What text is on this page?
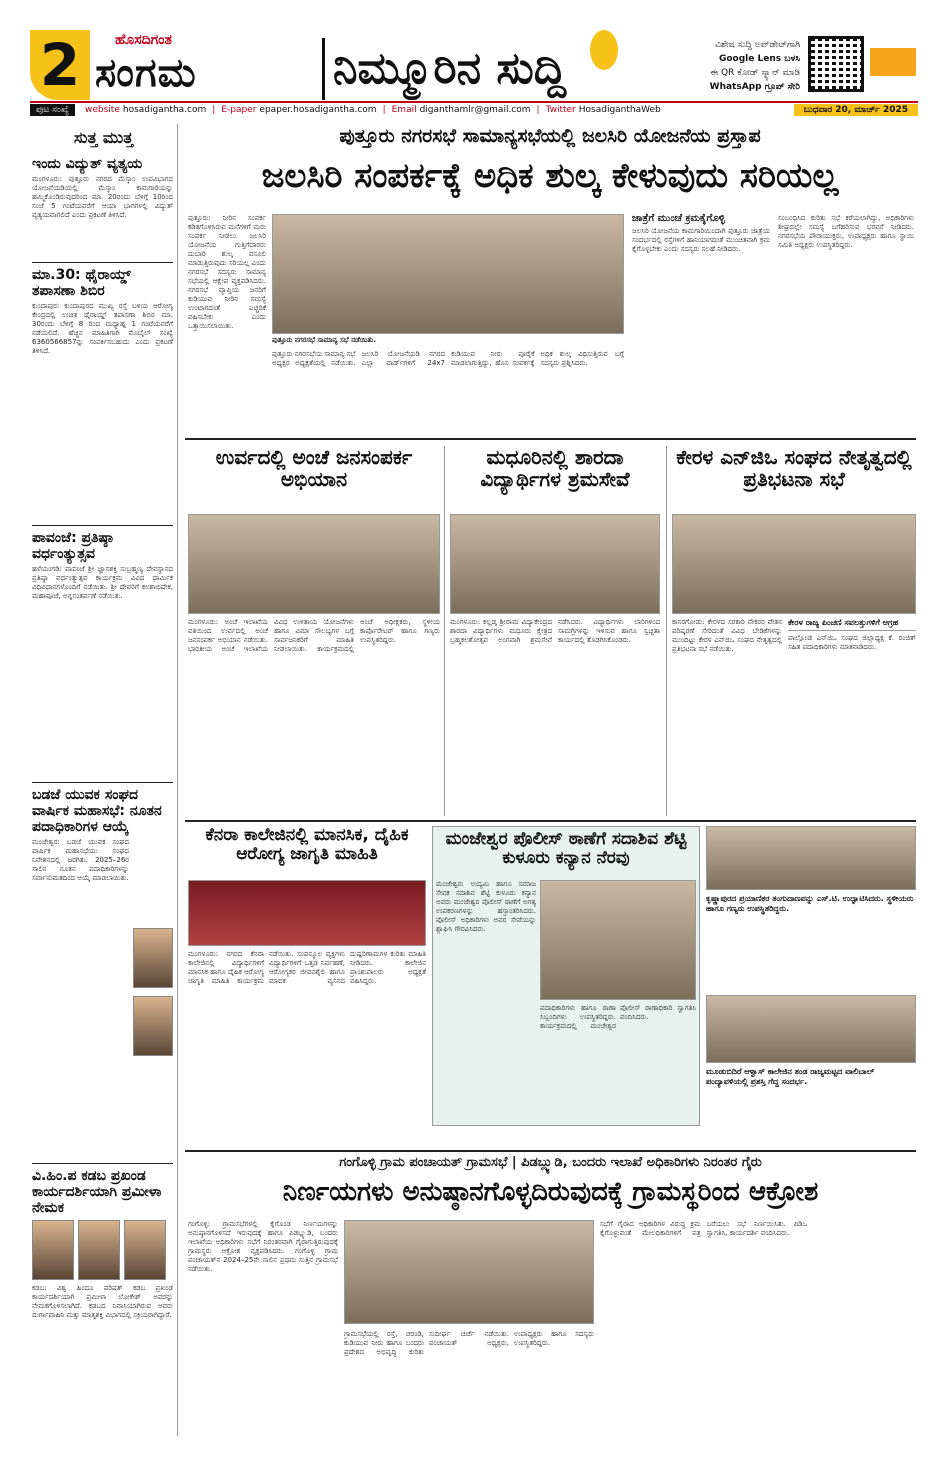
2	ಹೊಸದಿಗಂತ
ಸಂಗಮ	ನಿಮ್ಮೂರಿನ ಸುದ್ದಿ	ವಿಶೇಷ ಸುದ್ದಿ ಅಪ್‌ಡೇಟ್‌ಗಾಗಿ
Google Lens ಬಳಸಿ
ಈ QR ಕೋಡ್ ಸ್ಕ್ಯಾನ್ ಮಾಡಿ
WhatsApp ಗ್ರೂಪ್ ಸೇರಿ
ಪುಟ ಸಂಖ್ಯೆ	website hosadigantha.com | E-paper epaper.hosadigantha.com | Email diganthamlr@gmail.com | Twitter HosadiganthaWeb	ಬುಧವಾರ 20, ಮಾರ್ಚ್ 2025
ಸುತ್ತ ಮುತ್ತ
ಇಂದು ವಿದ್ಯುತ್ ವ್ಯತ್ಯಯ
ಮಂಗಳೂರು: ಪುತ್ತೂರು ನಗರದ ಮೆಸ್ಕಾಂ ಉಪವಿಭಾಗದ ಯೋಜನೆಯಡಿಯಲ್ಲಿ ಮೆಸ್ಕಾಂ ಕಾಮಗಾರಿಯನ್ನು ಹಮ್ಮಿಕೊಂಡಿರುವುದರಿಂದ ಮಾ. 20ರಂದು ಬೆಳಿಗ್ಗೆ 10ರಿಂದ ಸಂಜೆ 5 ಗಂಟೆಯವರೆಗೆ ಆಯಾ ಭಾಗಗಳಲ್ಲಿ ವಿದ್ಯುತ್ ವ್ಯತ್ಯಯವಾಗಲಿದೆ ಎಂದು ಪ್ರಕಟಣೆ ತಿಳಿಸಿದೆ.
ಮಾ.30: ಥೈರಾಯ್ಡ್ ತಪಾಸಣಾ ಶಿಬಿರ
ಕುಂದಾಪುರ: ಕುಂದಾಪುರದ ಮುಖ್ಯ ರಸ್ತೆ ಬಳಿಯ ಆರೋಗ್ಯ ಕೇಂದ್ರದಲ್ಲಿ ಉಚಿತ ಥೈರಾಯ್ಡ್ ತಪಾಸಣಾ ಶಿಬಿರ ಮಾ. 30ರಂದು ಬೆಳಿಗ್ಗೆ 8 ರಿಂದ ಮಧ್ಯಾಹ್ನ 1 ಗಂಟೆಯವರೆಗೆ ನಡೆಯಲಿದೆ. ಹೆಚ್ಚಿನ ಮಾಹಿತಿಗಾಗಿ ಮೊಬೈಲ್ ಸಂಖ್ಯೆ 6360566857ನ್ನು ಸಂಪರ್ಕಿಸಬಹುದು ಎಂದು ಪ್ರಕಟಣೆ ತಿಳಿಸಿದೆ.
ಪಾವಂಜೆ: ಪ್ರತಿಷ್ಠಾ ವರ್ಧಂತ್ಯುತ್ಸವ
ಹಳೆಯಂಗಡಿ: ಪಾವಂಜೆ ಶ್ರೀ ಜ್ಞಾನಶಕ್ತಿ ಸುಬ್ರಹ್ಮಣ್ಯ ದೇವಸ್ಥಾನದ ಪ್ರತಿಷ್ಠಾ ವರ್ಧಂತ್ಯುತ್ಸವ ಕಾರ್ಯಕ್ರಮ ವಿವಿಧ ಧಾರ್ಮಿಕ ವಿಧಿವಿಧಾನಗಳೊಂದಿಗೆ ನಡೆಯಿತು. ಶ್ರೀ ದೇವರಿಗೆ ಕಲಶಾಭಿಷೇಕ, ಮಹಾಪೂಜೆ, ಅನ್ನಸಂತರ್ಪಣೆ ನಡೆಯಿತು.
ಬಡಜೆ ಯುವಕ ಸಂಘದ ವಾರ್ಷಿಕ ಮಹಾಸಭೆ: ನೂತನ ಪದಾಧಿಕಾರಿಗಳ ಆಯ್ಕೆ
ಮಂಜೇಶ್ವರ: ಬಡಜೆ ಯುವಕ ಸಂಘದ ವಾರ್ಷಿಕ ಮಹಾಸಭೆಯು ಸಂಘದ ನಿವೇಶನದಲ್ಲಿ ಜರಗಿತು. 2025–26ರ ಸಾಲಿನ ನೂತನ ಪದಾಧಿಕಾರಿಗಳನ್ನು ಸರ್ವಾನುಮತದಿಂದ ಆಯ್ಕೆ ಮಾಡಲಾಯಿತು.
ವಿ.ಹಿಂ.ಪ ಕಡಬ ಪ್ರಖಂಡ ಕಾರ್ಯದರ್ಶಿಯಾಗಿ ಪ್ರಮೀಳಾ ನೇಮಕ
ಕಡಬ: ವಿಶ್ವ ಹಿಂದೂ ಪರಿಷತ್ ಕಡಬ ಪ್ರಖಂಡ ಕಾರ್ಯದರ್ಶಿಯಾಗಿ ಪ್ರಮೀಳಾ ಲೋಕೇಶ್ ಅವರನ್ನು ನೇಮಕಗೊಳಿಸಲಾಗಿದೆ. ಕಡಬದ ನಿವಾಸಿಯಾಗಿರುವ ಅವರು ದುರ್ಗಾವಾಹಿನಿ ಮತ್ತು ಮಾತೃಶಕ್ತಿ ವಿಭಾಗದಲ್ಲಿ ಸಕ್ರಿಯರಾಗಿದ್ದಾರೆ.
ಪುತ್ತೂರು ನಗರಸಭೆ ಸಾಮಾನ್ಯಸಭೆಯಲ್ಲಿ ಜಲಸಿರಿ ಯೋಜನೆಯ ಪ್ರಸ್ತಾಪ
ಜಲಸಿರಿ ಸಂಪರ್ಕಕ್ಕೆ ಅಧಿಕ ಶುಲ್ಕ ಕೇಳುವುದು ಸರಿಯಲ್ಲ
ಪುತ್ತೂರು: ನೀರಿನ ಸಂಪರ್ಕ ಕಡಿತಗೊಳಿಸಿರುವ ಮನೆಗಳಿಗೆ ಮರು ಸಂಪರ್ಕ ನೀಡಲು ಜಲಸಿರಿ ಯೋಜನೆಯ ಗುತ್ತಿಗೆದಾರರು ದುಬಾರಿ ಶುಲ್ಕ ವಸೂಲಿ ಮಾಡುತ್ತಿರುವುದು ಸರಿಯಲ್ಲ ಎಂದು ನಗರಸಭೆ ಸದಸ್ಯರು ಸಾಮಾನ್ಯ ಸಭೆಯಲ್ಲಿ ಆಕ್ಷೇಪ ವ್ಯಕ್ತಪಡಿಸಿದರು. ನಗರಸಭೆ ವ್ಯಾಪ್ತಿಯ ಜನರಿಗೆ ಕುಡಿಯುವ ನೀರಿನ ಸಮಸ್ಯೆ ಉಂಟಾಗದಂತೆ ಎಚ್ಚರಿಕೆ ವಹಿಸಬೇಕು ಎಂದು ಒತ್ತಾಯಿಸಲಾಯಿತು.
ಪುತ್ತೂರು ನಗರಸಭೆ ಸಾಮಾನ್ಯ ಸಭೆ ನಡೆಯಿತು.
ಪುತ್ತೂರು ನಗರಸಭೆಯ ಸಾಮಾನ್ಯ ಸಭೆ ಅಧ್ಯಕ್ಷರ ಅಧ್ಯಕ್ಷತೆಯಲ್ಲಿ ನಡೆಯಿತು. ಜಲಸಿರಿ ಯೋಜನೆಯಡಿ ನಗರದ ಎಲ್ಲಾ ವಾರ್ಡ್‌ಗಳಿಗೆ 24x7 ಕುಡಿಯುವ ನೀರು ಪೂರೈಕೆ ಮಾಡಲಾಗುತ್ತಿದ್ದು, ಹೊಸ ಸಂಪರ್ಕಕ್ಕೆ ಅಧಿಕ ಶುಲ್ಕ ವಿಧಿಸುತ್ತಿರುವ ಬಗ್ಗೆ ಸದಸ್ಯರು ಪ್ರಶ್ನಿಸಿದರು.
ಜಾತ್ರೆಗೆ ಮುಂಚೆ ಕ್ರಮಕೈಗೊಳ್ಳಿ
ಜಲಸಿರಿ ಯೋಜನೆಯ ಕಾಮಗಾರಿಯಿಂದಾಗಿ ಪುತ್ತೂರು ಜಾತ್ರೆಯ ಸಂದರ್ಭದಲ್ಲಿ ರಸ್ತೆಗಳಿಗೆ ಹಾನಿಯಾಗದಂತೆ ಮುಂಚಿತವಾಗಿ ಕ್ರಮ ಕೈಗೊಳ್ಳಬೇಕು ಎಂದು ಸದಸ್ಯರು ಸಲಹೆ ನೀಡಿದರು.
ಸಂಬಂಧಿಸಿದ ಕುರಿತು ಸಭೆ ಕರೆಯಲಾಗಿದ್ದು, ಅಧಿಕಾರಿಗಳು ಶೀಘ್ರದಲ್ಲೇ ಸಮಸ್ಯೆ ಬಗೆಹರಿಸುವ ಭರವಸೆ ನೀಡಿದರು. ನಗರಸಭೆಯ ಪೌರಾಯುಕ್ತರು, ಉಪಾಧ್ಯಕ್ಷರು ಹಾಗೂ ಸ್ಥಾಯಿ ಸಮಿತಿ ಅಧ್ಯಕ್ಷರು ಉಪಸ್ಥಿತರಿದ್ದರು.
ಉರ್ವದಲ್ಲಿ ಅಂಚೆ ಜನಸಂಪರ್ಕ ಅಭಿಯಾನ
ಮಂಗಳೂರು: ಅಂಚೆ ಇಲಾಖೆಯ ವತಿಯಿಂದ ಉರ್ವದಲ್ಲಿ ಅಂಚೆ ಜನಸಂಪರ್ಕ ಅಭಿಯಾನ ನಡೆಯಿತು. ಭಾರತೀಯ ಅಂಚೆ ಇಲಾಖೆಯ ವಿವಿಧ ಉಳಿತಾಯ ಯೋಜನೆಗಳು ಹಾಗೂ ವಿಮಾ ಸೌಲಭ್ಯಗಳ ಬಗ್ಗೆ ಸಾರ್ವಜನಿಕರಿಗೆ ಮಾಹಿತಿ ನೀಡಲಾಯಿತು. ಕಾರ್ಯಕ್ರಮದಲ್ಲಿ ಅಂಚೆ ಅಧೀಕ್ಷಕರು, ಸ್ಥಳೀಯ ಕಾರ್ಪೊರೇಟರ್ ಹಾಗೂ ಗಣ್ಯರು ಉಪಸ್ಥಿತರಿದ್ದರು.
ಮಧೂರಿನಲ್ಲಿ ಶಾರದಾ ವಿದ್ಯಾರ್ಥಿಗಳ ಶ್ರಮಸೇವೆ
ಮಂಗಳೂರು: ಕಲ್ಲಡ್ಕ ಶ್ರೀರಾಮ ವಿದ್ಯಾಕೇಂದ್ರದ ಶಾರದಾ ವಿದ್ಯಾರ್ಥಿಗಳು ಮಧೂರು ಕ್ಷೇತ್ರದ ಬ್ರಹ್ಮಕಲಶೋತ್ಸವ ಅಂಗವಾಗಿ ಶ್ರಮಸೇವೆ ನಡೆಸಿದರು. ವಿದ್ಯಾರ್ಥಿಗಳು ಲಾರಿಗಳಿಂದ ಸಾಮಗ್ರಿಗಳನ್ನು ಇಳಿಸುವ ಹಾಗೂ ಸ್ವಚ್ಛತಾ ಕಾರ್ಯದಲ್ಲಿ ತೊಡಗಿಸಿಕೊಂಡರು.
ಕೇರಳ ಎನ್‌ಜಿಒ ಸಂಘದ ನೇತೃತ್ವದಲ್ಲಿ ಪ್ರತಿಭಟನಾ ಸಭೆ
ಕಾಸರಗೋಡು: ಕೇರಳದ ಸರಕಾರಿ ನೌಕರರ ವೇತನ ಪರಿಷ್ಕರಣೆ ಸೇರಿದಂತೆ ವಿವಿಧ ಬೇಡಿಕೆಗಳನ್ನು ಮುಂದಿಟ್ಟು ಕೇರಳ ಎನ್‌ಜಿಒ ಸಂಘದ ನೇತೃತ್ವದಲ್ಲಿ ಪ್ರತಿಭಟನಾ ಸಭೆ ನಡೆಯಿತು.
ಕೇರಳ ರಾಜ್ಯ ಪಿಂಚಣಿ ಸವಲತ್ತುಗಳಿಗೆ ಆಗ್ರಹ
ಪಾಲ್ಗೊಂಡ ಎನ್‌ಜಿಒ ಸಂಘದ ಜಿಲ್ಲಾಧ್ಯಕ್ಷ ಕೆ. ರಂಜಿತ್ ಸಹಿತ ಪದಾಧಿಕಾರಿಗಳು ಮಾತನಾಡಿದರು.
ಕೆನರಾ ಕಾಲೇಜಿನಲ್ಲಿ ಮಾನಸಿಕ, ದೈಹಿಕ ಆರೋಗ್ಯ ಜಾಗೃತಿ ಮಾಹಿತಿ
ಮಂಗಳೂರು: ನಗರದ ಕೆನರಾ ಕಾಲೇಜಿನಲ್ಲಿ ವಿದ್ಯಾರ್ಥಿಗಳಿಗೆ ಮಾನಸಿಕ ಹಾಗೂ ದೈಹಿಕ ಆರೋಗ್ಯ ಜಾಗೃತಿ ಮಾಹಿತಿ ಕಾರ್ಯಕ್ರಮ ನಡೆಯಿತು. ಸಂಪನ್ಮೂಲ ವ್ಯಕ್ತಿಗಳು ವಿದ್ಯಾರ್ಥಿಗಳಿಗೆ ಒತ್ತಡ ನಿರ್ವಹಣೆ, ಆರೋಗ್ಯಕರ ಜೀವನಶೈಲಿ ಹಾಗೂ ಮಾದಕ ವ್ಯಸನದ ದುಷ್ಪರಿಣಾಮಗಳ ಕುರಿತು ಮಾಹಿತಿ ನೀಡಿದರು. ಕಾಲೇಜಿನ ಪ್ರಾಂಶುಪಾಲರು ಅಧ್ಯಕ್ಷತೆ ವಹಿಸಿದ್ದರು.
ಮಂಜೇಶ್ವರ ಪೊಲೀಸ್ ಠಾಣೆಗೆ ಸದಾಶಿವ ಶೆಟ್ಟಿ ಕುಳೂರು ಕನ್ಯಾನ ನೆರವು
ಮಂಜೇಶ್ವರ: ಉದ್ಯಮಿ ಹಾಗೂ ಸಮಾಜ ಸೇವಕ ಸದಾಶಿವ ಶೆಟ್ಟಿ ಕುಳೂರು ಕನ್ಯಾನ ಅವರು ಮಂಜೇಶ್ವರ ಪೊಲೀಸ್ ಠಾಣೆಗೆ ಅಗತ್ಯ ಉಪಕರಣಗಳನ್ನು ಹಸ್ತಾಂತರಿಸಿದರು. ಪೊಲೀಸ್ ಅಧಿಕಾರಿಗಳು ಅವರ ಸೇವೆಯನ್ನು ಶ್ಲಾಘಿಸಿ ಗೌರವಿಸಿದರು.
ಪದಾಧಿಕಾರಿಗಳು ಹಾಗೂ ಠಾಣಾ ಸಿಬ್ಬಂದಿಗಳು ಉಪಸ್ಥಿತರಿದ್ದರು. ಕಾರ್ಯಕ್ರಮದಲ್ಲಿ ಮಂಜೇಶ್ವರ ಪೊಲೀಸ್ ಠಾಣಾಧಿಕಾರಿ ಸ್ವಾಗತಿಸಿ ವಂದಿಸಿದರು.
ಕೃಷ್ಣಾಪುರದ ಪ್ರಯಾಣಿಕರ ತಂಗುದಾಣವನ್ನು ಎಸ್.ಟಿ. ಉದ್ಘಾಟಿಸಿದರು. ಸ್ಥಳೀಯರು ಹಾಗೂ ಗಣ್ಯರು ಉಪಸ್ಥಿತರಿದ್ದರು.
ಮೂಡುಬಿದಿರೆ ಆಳ್ವಾಸ್ ಕಾಲೇಜಿನ ತಂಡ ರಾಜ್ಯಮಟ್ಟದ ವಾಲಿಬಾಲ್ ಪಂದ್ಯಾವಳಿಯಲ್ಲಿ ಪ್ರಶಸ್ತಿ ಗೆದ್ದ ಸಂದರ್ಭ.
ಗಂಗೊಳ್ಳಿ ಗ್ರಾಮ ಪಂಚಾಯತ್ ಗ್ರಾಮಸಭೆ | ಪಿಡಬ್ಲ್ಯುಡಿ, ಬಂದರು ಇಲಾಖೆ ಅಧಿಕಾರಿಗಳು ನಿರಂತರ ಗೈರು
ನಿರ್ಣಯಗಳು ಅನುಷ್ಠಾನಗೊಳ್ಳದಿರುವುದಕ್ಕೆ ಗ್ರಾಮಸ್ಥರಿಂದ ಆಕ್ರೋಶ
ಗಂಗೊಳ್ಳಿ: ಗ್ರಾಮಸಭೆಗಳಲ್ಲಿ ಕೈಗೊಂಡ ನಿರ್ಣಯಗಳನ್ನು ಅನುಷ್ಠಾನಗೊಳಿಸದೆ ಇರುವುದಕ್ಕೆ ಹಾಗೂ ಪಿಡಬ್ಲ್ಯುಡಿ, ಬಂದರು ಇಲಾಖೆಯ ಅಧಿಕಾರಿಗಳು ಸಭೆಗೆ ನಿರಂತರವಾಗಿ ಗೈರಾಗುತ್ತಿರುವುದಕ್ಕೆ ಗ್ರಾಮಸ್ಥರು ಆಕ್ರೋಶ ವ್ಯಕ್ತಪಡಿಸಿದರು. ಗಂಗೊಳ್ಳಿ ಗ್ರಾಮ ಪಂಚಾಯತ್‌ನ 2024–25ನೇ ಸಾಲಿನ ಪ್ರಥಮ ಸುತ್ತಿನ ಗ್ರಾಮಸಭೆ ನಡೆಯಿತು.
ಗ್ರಾಮಸಭೆಯಲ್ಲಿ ರಸ್ತೆ, ಚರಂಡಿ, ಕುಡಿಯುವ ನೀರು ಹಾಗೂ ಬಂದರು ಪ್ರದೇಶದ ಅಭಿವೃದ್ಧಿ ಕುರಿತು ಸುದೀರ್ಘ ಚರ್ಚೆ ನಡೆಯಿತು. ಪಂಚಾಯತ್ ಅಧ್ಯಕ್ಷರು, ಉಪಾಧ್ಯಕ್ಷರು ಹಾಗೂ ಸದಸ್ಯರು ಉಪಸ್ಥಿತರಿದ್ದರು.
ಸಭೆಗೆ ಗೈರಾದ ಅಧಿಕಾರಿಗಳ ವಿರುದ್ಧ ಕ್ರಮ ಕೈಗೊಳ್ಳುವಂತೆ ಮೇಲಧಿಕಾರಿಗಳಿಗೆ ಪತ್ರ ಬರೆಯಲು ಸಭೆ ನಿರ್ಣಯಿಸಿತು. ಪಿಡಿಒ ಸ್ವಾಗತಿಸಿ, ಕಾರ್ಯದರ್ಶಿ ವಂದಿಸಿದರು.
